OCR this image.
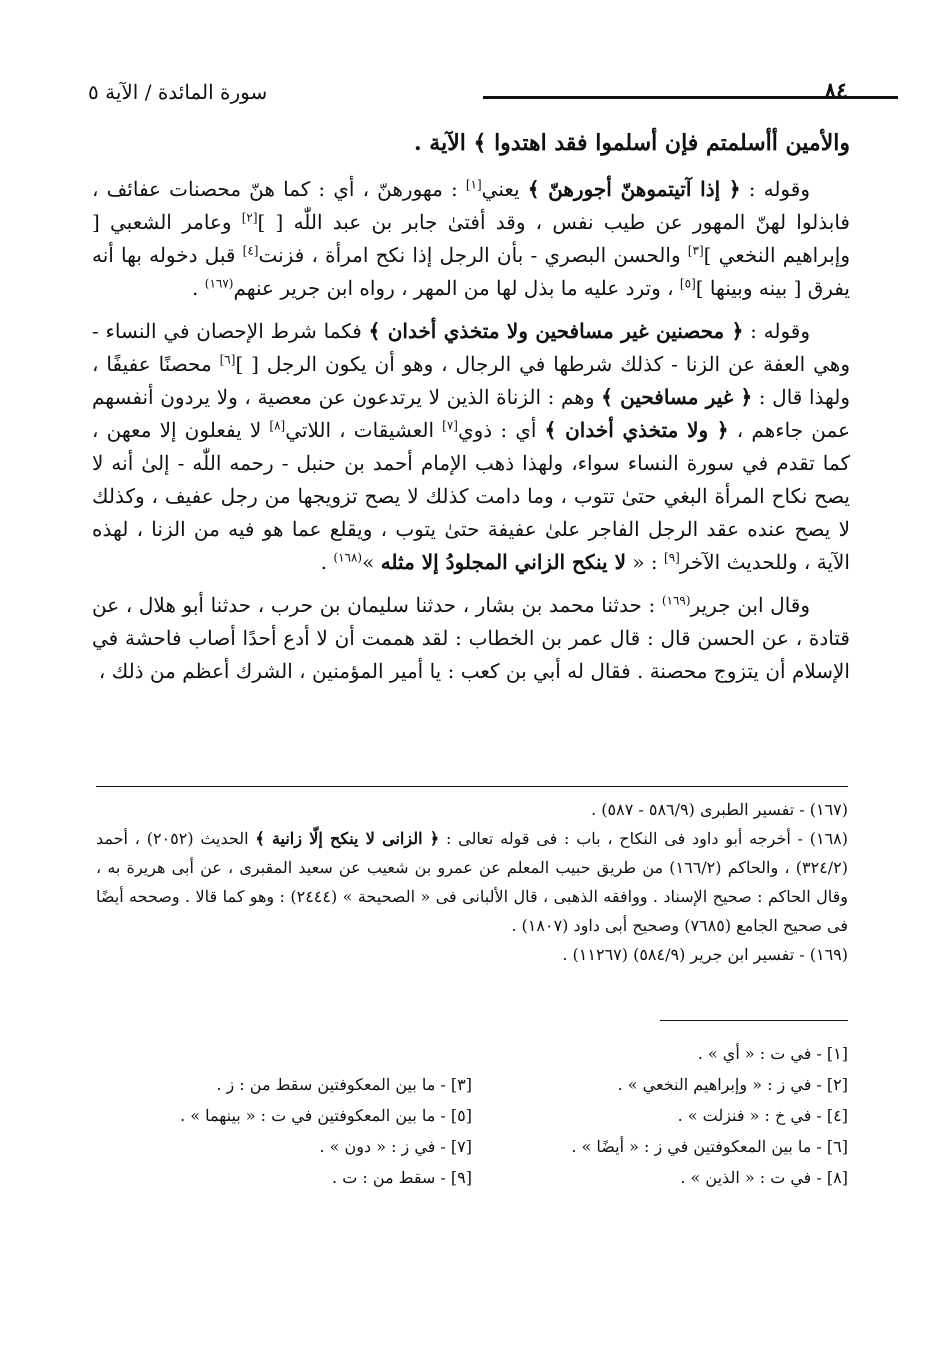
سورة المائدة / الآية ٥	٨٤

والأمين أأسلمتم فإن أسلموا فقد اهتدوا ﴾ الآية .

وقوله : ﴿ إذا آتيتموهنّ أجورهنّ ﴾ يعني[١] : مهورهنّ ، أي : كما هنّ محصنات عفائف ، فابذلوا لهنّ المهور عن طيب نفس ، وقد أفتىٰ جابر بن عبد اللّٰه [ ][٢] وعامر الشعبي [ وإبراهيم النخعي ][٣] والحسن البصري - بأن الرجل إذا نكح امرأة ، فزنت[٤] قبل دخوله بها أنه يفرق [ بينه وبينها ][٥] ، وترد عليه ما بذل لها من المهر ، رواه ابن جرير عنهم$^{(١٦٧)}$ .

وقوله : ﴿ محصنين غير مسافحين ولا متخذي أخدان ﴾ فكما شرط الإحصان في النساء - وهي العفة عن الزنا - كذلك شرطها في الرجال ، وهو أن يكون الرجل [ ][٦] محصنًا عفيفًا ، ولهذا قال : ﴿ غير مسافحين ﴾ وهم : الزناة الذين لا يرتدعون عن معصية ، ولا يردون أنفسهم عمن جاءهم ، ﴿ ولا متخذي أخدان ﴾ أي : ذوي[٧] العشيقات ، اللاتي[٨] لا يفعلون إلا معهن ، كما تقدم في سورة النساء سواء، ولهذا ذهب الإمام أحمد بن حنبل - رحمه اللّٰه - إلىٰ أنه لا يصح نكاح المرأة البغي حتىٰ تتوب ، وما دامت كذلك لا يصح تزويجها من رجل عفيف ، وكذلك لا يصح عنده عقد الرجل الفاجر علىٰ عفيفة حتىٰ يتوب ، ويقلع عما هو فيه من الزنا ، لهذه الآية ، وللحديث الآخر[٩] : « لا ينكح الزاني المجلودُ إلا مثله »$^{(١٦٨)}$ .

وقال ابن جرير$^{(١٦٩)}$ : حدثنا محمد بن بشار ، حدثنا سليمان بن حرب ، حدثنا أبو هلال ، عن قتادة ، عن الحسن قال : قال عمر بن الخطاب : لقد هممت أن لا أدع أحدًا أصاب فاحشة في الإسلام أن يتزوج محصنة . فقال له أبي بن كعب : يا أمير المؤمنين ، الشرك أعظم من ذلك ،

(١٦٧) - تفسير الطبرى (٥٨٦/٩ - ٥٨٧) .

(١٦٨) - أخرجه أبو داود فى النكاح ، باب : فى قوله تعالى : ﴿ الزانى لا ينكح إلّا زانية ﴾ الحديث (٢٠٥٢) ، أحمد (٣٢٤/٢) ، والحاكم (١٦٦/٢) من طريق حبيب المعلم عن عمرو بن شعيب عن سعيد المقبرى ، عن أبى هريرة به ، وقال الحاكم : صحيح الإسناد . ووافقه الذهبى ، قال الألبانى فى « الصحيحة » (٢٤٤٤) : وهو كما قالا . وصححه أيضًا فى صحيح الجامع (٧٦٨٥) وصحيح أبى داود (١٨٠٧) .

(١٦٩) - تفسير ابن جرير (٥٨٤/٩) (١١٢٦٧) .

[١] - في ت : « أي » .
[٢] - في ز : « وإبراهيم النخعي » .
[٣] - ما بين المعكوفتين سقط من : ز .
[٤] - في خ : « فنزلت » .
[٥] - ما بين المعكوفتين في ت : « بينهما » .
[٦] - ما بين المعكوفتين في ز : « أيضًا » .
[٧] - في ز : « دون » .
[٨] - في ت : « الذين » .
[٩] - سقط من : ت .
